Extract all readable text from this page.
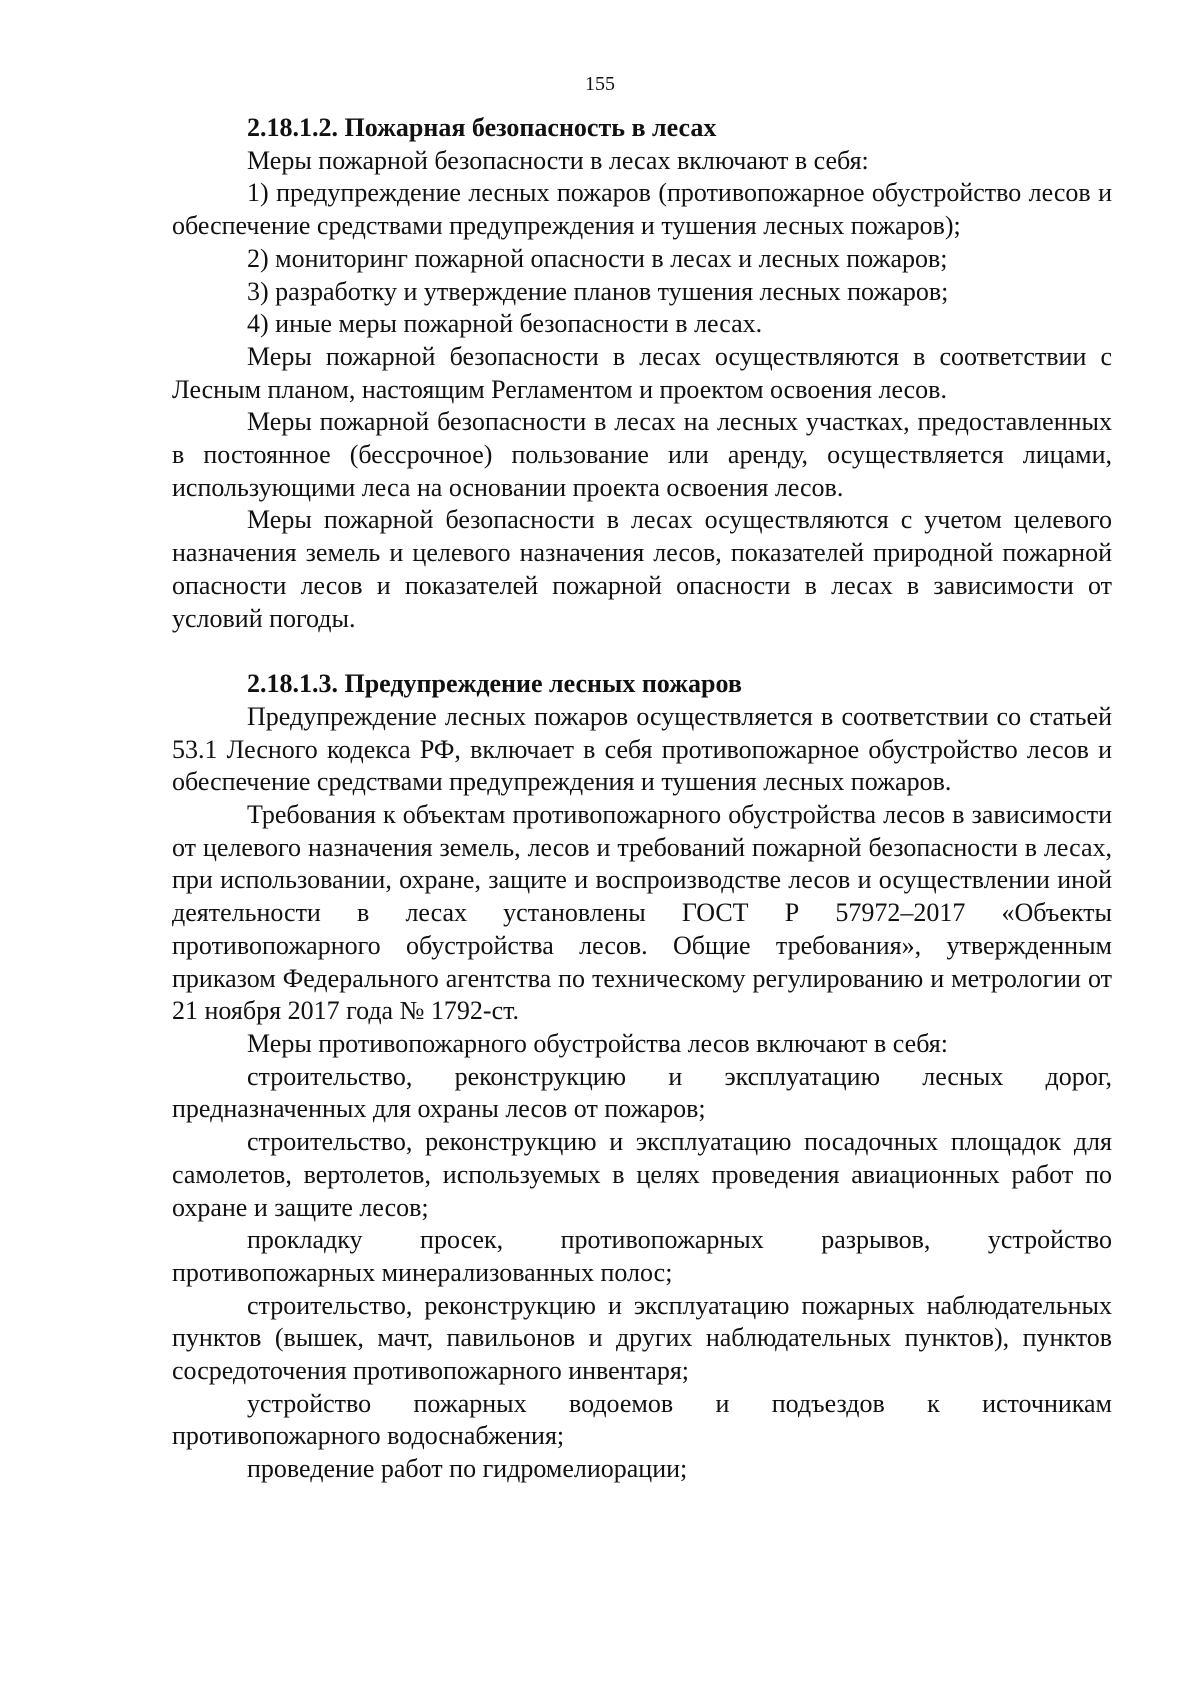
155
2.18.1.2. Пожарная безопасность в лесах

Меры пожарной безопасности в лесах включают в себя:

1) предупреждение лесных пожаров (противопожарное обустройство лесов и обеспечение средствами предупреждения и тушения лесных пожаров);

2) мониторинг пожарной опасности в лесах и лесных пожаров;

3) разработку и утверждение планов тушения лесных пожаров;

4) иные меры пожарной безопасности в лесах.

Меры пожарной безопасности в лесах осуществляются в соответствии с Лесным планом, настоящим Регламентом и проектом освоения лесов.

Меры пожарной безопасности в лесах на лесных участках, предоставленных в постоянное (бессрочное) пользование или аренду, осуществляется лицами, использующими леса на основании проекта освоения лесов.

Меры пожарной безопасности в лесах осуществляются с учетом целевого назначения земель и целевого назначения лесов, показателей природной пожарной опасности лесов и показателей пожарной опасности в лесах в зависимости от условий погоды.

2.18.1.3. Предупреждение лесных пожаров

Предупреждение лесных пожаров осуществляется в соответствии со статьей 53.1 Лесного кодекса РФ, включает в себя противопожарное обустройство лесов и обеспечение средствами предупреждения и тушения лесных пожаров.

Требования к объектам противопожарного обустройства лесов в зависимости от целевого назначения земель, лесов и требований пожарной безопасности в лесах, при использовании, охране, защите и воспроизводстве лесов и осуществлении иной деятельности в лесах установлены ГОСТ Р 57972–2017 «Объекты противопожарного обустройства лесов. Общие требования», утвержденным приказом Федерального агентства по техническому регулированию и метрологии от 21 ноября 2017 года № 1792-ст.

Меры противопожарного обустройства лесов включают в себя:

строительство, реконструкцию и эксплуатацию лесных дорог, предназначенных для охраны лесов от пожаров;

строительство, реконструкцию и эксплуатацию посадочных площадок для самолетов, вертолетов, используемых в целях проведения авиационных работ по охране и защите лесов;

прокладку просек, противопожарных разрывов, устройство противопожарных минерализованных полос;

строительство, реконструкцию и эксплуатацию пожарных наблюдательных пунктов (вышек, мачт, павильонов и других наблюдательных пунктов), пунктов сосредоточения противопожарного инвентаря;

устройство пожарных водоемов и подъездов к источникам противопожарного водоснабжения;

проведение работ по гидромелиорации;
